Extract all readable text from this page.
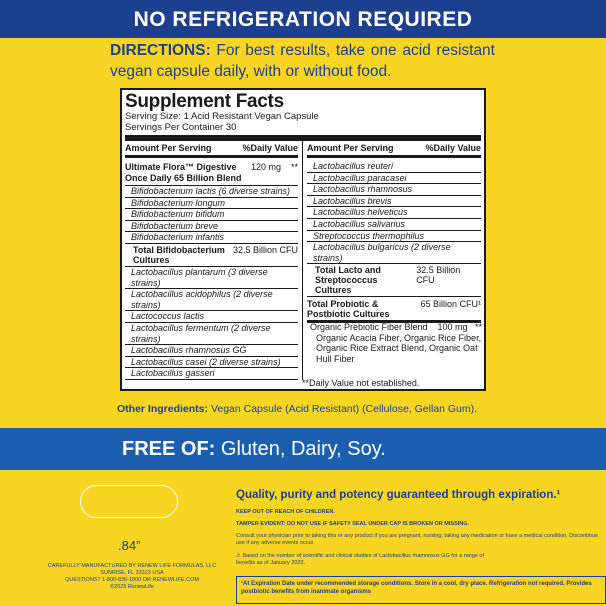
NO REFRIGERATION REQUIRED
DIRECTIONS: For best results, take one acid resistant vegan capsule daily, with or without food.
Supplement Facts
Serving Size: 1 Acid Resistant Vegan Capsule
Servings Per Container 30
Amount Per Serving	%Daily Value
Ultimate Flora™ Digestive
Once Daily 65 Billion Blend
120 mg **
Bifidobacterium lactis (6 diverse strains)
Bifidobacterium longum
Bifidobacterium bifidum
Bifidobacterium breve
Bifidobacterium infantis
Total Bifidobacterium
Cultures
32.5 Billion CFU
Lactobacillus plantarum (3 diverse strains)
Lactobacillus acidophilus (2 diverse strains)
Lactococcus lactis
Lactobacillus fermentum (2 diverse strains)
Lactobacillus rhamnosus GG
Lactobacillus casei (2 diverse strains)
Lactobacillus gasseri
Amount Per Serving	%Daily Value
Lactobacillus reuteri
Lactobacillus paracasei
Lactobacillus rhamnosus
Lactobacillus brevis
Lactobacillus helveticus
Lactobacillus salivarius
Streptococcus thermophilus
Lactobacillus bulgaricus (2 diverse strains)
Total Lacto and
Streptococcus Cultures
32.5 Billion CFU
Total Probiotic &
Postbiotic Cultures
65 Billion CFU¹
Organic Prebiotic Fiber Blend 100 mg **
Organic Acacia Fiber, Organic Rice Fiber, Organic Rice Extract Blend, Organic Oat Hull Fiber
**Daily Value not established.
Other Ingredients: Vegan Capsule (Acid Resistant) (Cellulose, Gellan Gum).
FREE OF: Gluten, Dairy, Soy.
.84”
CAREFULLY MANUFACTURED BY RENEW LIFE FORMULAS, LLC
SUNRISE, FL 33323 USA
QUESTIONS? 1-800-830-1800 OR RENEWLIFE.COM
©2025 RenewLife
Quality, purity and potency guaranteed through expiration.¹
KEEP OUT OF REACH OF CHILDREN.
TAMPER EVIDENT: DO NOT USE IF SAFETY SEAL UNDER CAP IS BROKEN OR MISSING.
Consult your physician prior to taking this or any product if you are pregnant, nursing, taking any medication or have a medical condition. Discontinue use if any adverse events occur.
⚠ Based on the number of scientific and clinical studies of Lactobacillus rhamnosus GG for a range of benefits as of January 2022.
¹At Expiration Date under recommended storage conditions. Store in a cool, dry place. Refrigeration not required. Provides postbiotic benefits from inanimate organisms
